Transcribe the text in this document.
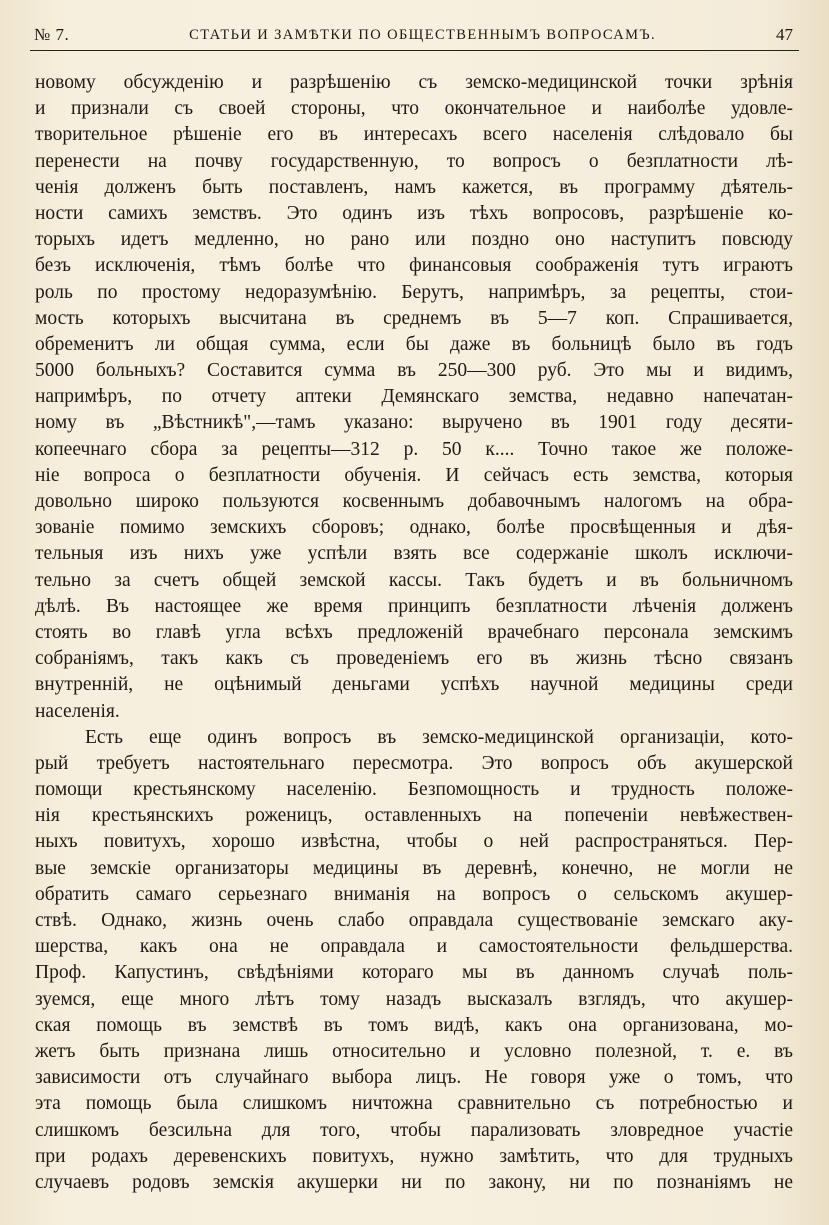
№ 7.	СТАТЬИ И ЗАМѢТКИ ПО ОБЩЕСТВЕННЫМЪ ВОПРОСАМЪ.	47
новому обсужденію и разрѣшенію съ земско-медицинской точки зрѣнія
и признали съ своей стороны, что окончательное и наиболѣе удовле-
творительное рѣшеніе его въ интересахъ всего населенія слѣдовало бы
перенести на почву государственную, то вопросъ о безплатности лѣ-
ченія долженъ быть поставленъ, намъ кажется, въ программу дѣятель-
ности самихъ земствъ. Это одинъ изъ тѣхъ вопросовъ, разрѣшеніе ко-
торыхъ идетъ медленно, но рано или поздно оно наступитъ повсюду
безъ исключенія, тѣмъ болѣе что финансовыя соображенія тутъ играютъ
роль по простому недоразумѣнію. Берутъ, напримѣръ, за рецепты, стои-
мость которыхъ высчитана въ среднемъ въ 5—7 коп. Спрашивается,
обременитъ ли общая сумма, если бы даже въ больницѣ было въ годъ
5000 больныхъ? Составится сумма въ 250—300 руб. Это мы и видимъ,
напримѣръ, по отчету аптеки Демянскаго земства, недавно напечатан-
ному въ „Вѣстникѣ",—тамъ указано: выручено въ 1901 году десяти-
копеечнаго сбора за рецепты—312 р. 50 к.... Точно такое же положе-
ніе вопроса о безплатности обученія. И сейчасъ есть земства, которыя
довольно широко пользуются косвеннымъ добавочнымъ налогомъ на обра-
зованіе помимо земскихъ сборовъ; однако, болѣе просвѣщенныя и дѣя-
тельныя изъ нихъ уже успѣли взять все содержаніе школъ исключи-
тельно за счетъ общей земской кассы. Такъ будетъ и въ больничномъ
дѣлѣ. Въ настоящее же время принципъ безплатности лѣченія долженъ
стоять во главѣ угла всѣхъ предложеній врачебнаго персонала земскимъ
собраніямъ, такъ какъ съ проведеніемъ его въ жизнь тѣсно связанъ
внутренній, не оцѣнимый деньгами успѣхъ научной медицины среди
населенія.
Есть еще одинъ вопросъ въ земско-медицинской организаціи, кото-
рый требуетъ настоятельнаго пересмотра. Это вопросъ объ акушерской
помощи крестьянскому населенію. Безпомощность и трудность положе-
нія крестьянскихъ роженицъ, оставленныхъ на попеченіи невѣжествен-
ныхъ повитухъ, хорошо извѣстна, чтобы о ней распространяться. Пер-
вые земскіе организаторы медицины въ деревнѣ, конечно, не могли не
обратить самаго серьезнаго вниманія на вопросъ о сельскомъ акушер-
ствѣ. Однако, жизнь очень слабо оправдала существованіе земскаго аку-
шерства, какъ она не оправдала и самостоятельности фельдшерства.
Проф. Капустинъ, свѣдѣніями котораго мы въ данномъ случаѣ поль-
зуемся, еще много лѣтъ тому назадъ высказалъ взглядъ, что акушер-
ская помощь въ земствѣ въ томъ видѣ, какъ она организована, мо-
жетъ быть признана лишь относительно и условно полезной, т. е. въ
зависимости отъ случайнаго выбора лицъ. Не говоря уже о томъ, что
эта помощь была слишкомъ ничтожна сравнительно съ потребностью и
слишкомъ безсильна для того, чтобы парализовать зловредное участіе
при родахъ деревенскихъ повитухъ, нужно замѣтить, что для трудныхъ
случаевъ родовъ земскія акушерки ни по закону, ни по познаніямъ не
